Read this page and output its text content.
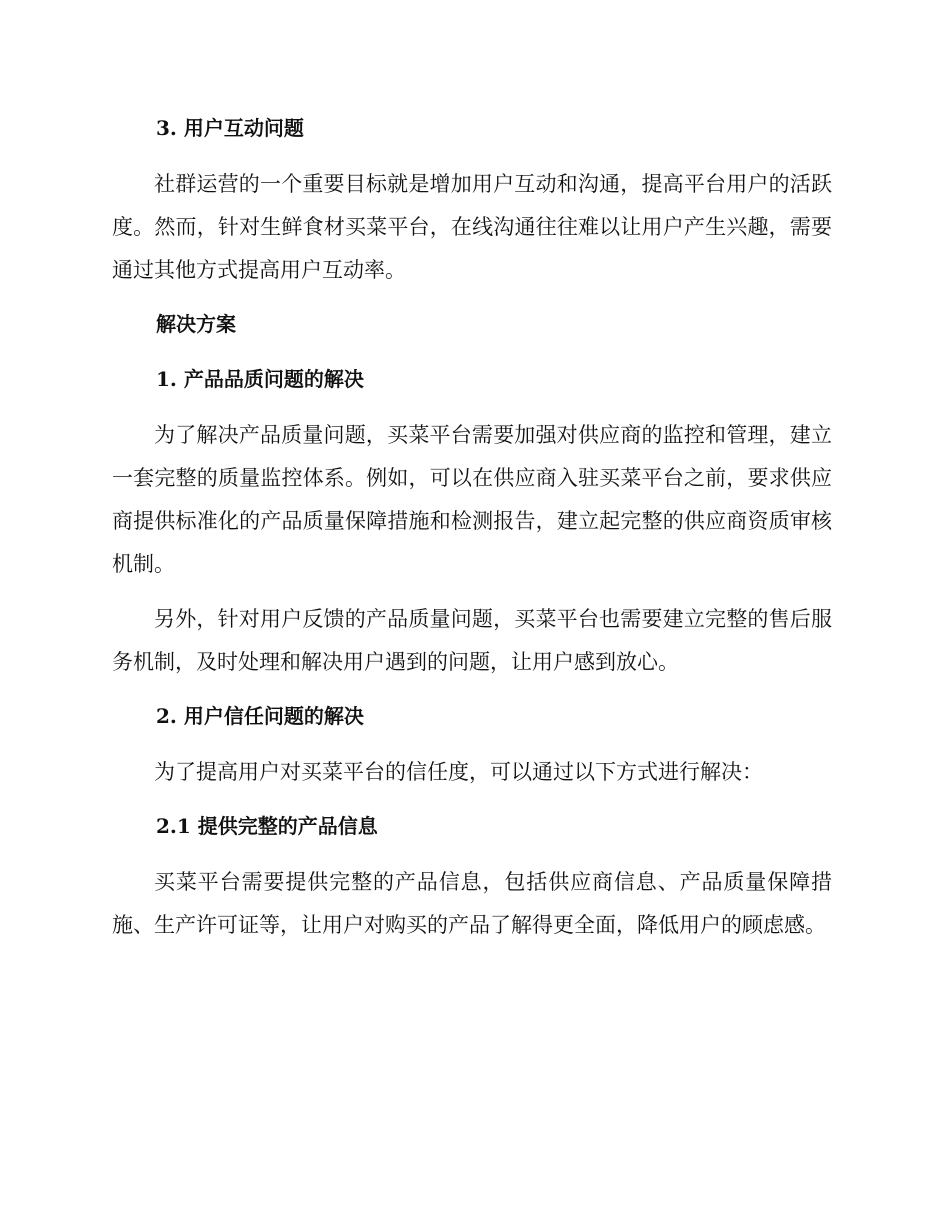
3. 用户互动问题

社群运营的一个重要目标就是增加用户互动和沟通，提高平台用户的活跃度。然而，针对生鲜食材买菜平台，在线沟通往往难以让用户产生兴趣，需要通过其他方式提高用户互动率。

解决方案
1. 产品品质问题的解决

为了解决产品质量问题，买菜平台需要加强对供应商的监控和管理，建立一套完整的质量监控体系。例如，可以在供应商入驻买菜平台之前，要求供应商提供标准化的产品质量保障措施和检测报告，建立起完整的供应商资质审核机制。

另外，针对用户反馈的产品质量问题，买菜平台也需要建立完整的售后服务机制，及时处理和解决用户遇到的问题，让用户感到放心。

2. 用户信任问题的解决

为了提高用户对买菜平台的信任度，可以通过以下方式进行解决：

2.1 提供完整的产品信息

买菜平台需要提供完整的产品信息，包括供应商信息、产品质量保障措施、生产许可证等，让用户对购买的产品了解得更全面，降低用户的顾虑感。
